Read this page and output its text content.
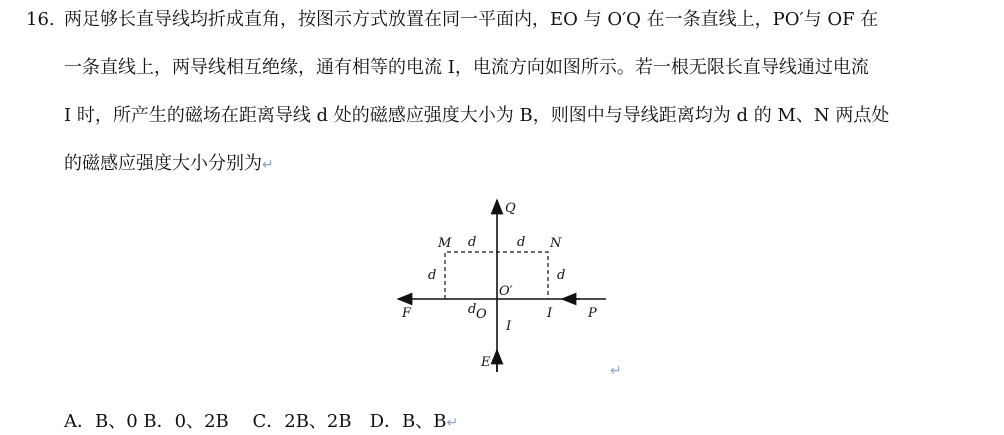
16. 两足够长直导线均折成直角，按图示方式放置在同一平面内，EO 与 O′Q 在一条直线上，PO′与 OF 在
一条直线上，两导线相互绝缘，通有相等的电流 I，电流方向如图所示。若一根无限长直导线通过电流
I 时，所产生的磁场在距离导线 d 处的磁感应强度大小为 B，则图中与导线距离均为 d 的 M、N 两点处
的磁感应强度大小分别为↵
Q
M d	d N
d	d
O′
F	d O	I	P
I
E
↵
A．B、0 B．0、2B　 C．2B、2B　D．B、B↵
